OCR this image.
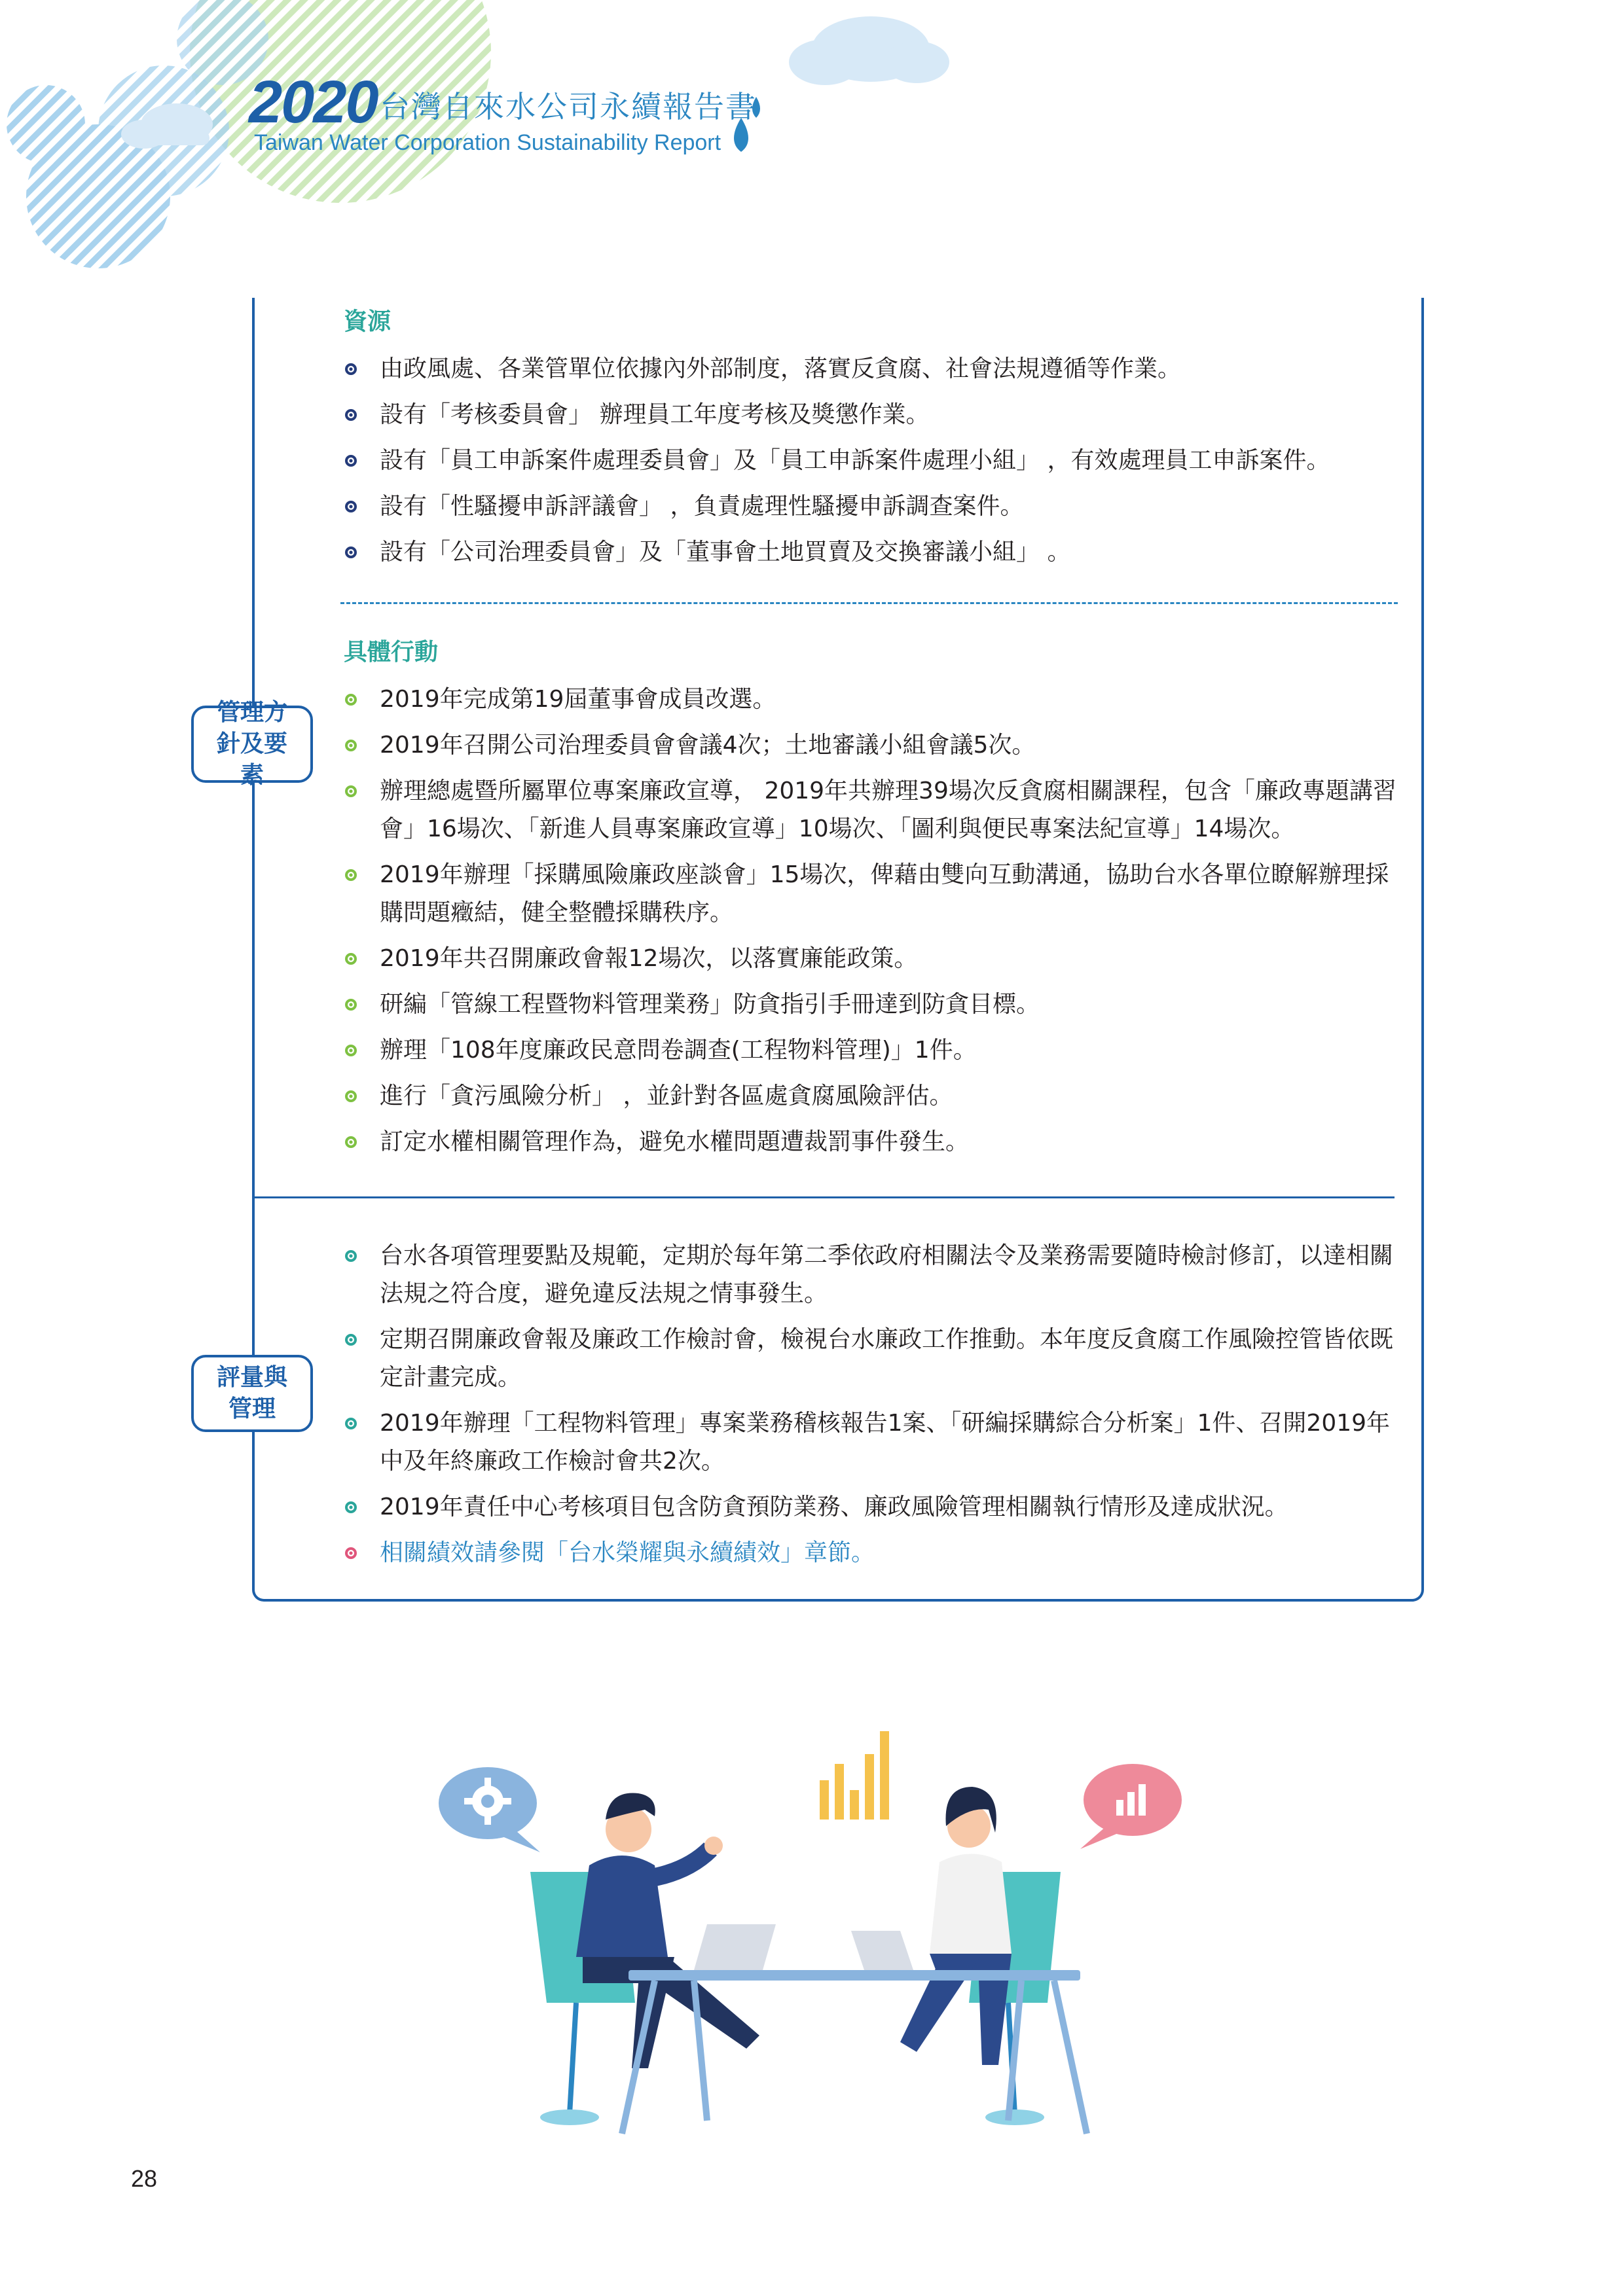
2020 台灣自來水公司永續報告書
Taiwan Water Corporation Sustainability Report
資源
由政風處、各業管單位依據內外部制度，落實反貪腐、社會法規遵循等作業。
設有「考核委員會」 辦理員工年度考核及獎懲作業。
設有「員工申訴案件處理委員會」及「員工申訴案件處理小組」 ，有效處理員工申訴案件。
設有「性騷擾申訴評議會」 ，負責處理性騷擾申訴調查案件。
設有「公司治理委員會」及「董事會土地買賣及交換審議小組」 。
具體行動
2019年完成第19屆董事會成員改選。
2019年召開公司治理委員會會議4次；土地審議小組會議5次。
辦理總處暨所屬單位專案廉政宣導， 2019年共辦理39場次反貪腐相關課程，包含「廉政專題講習會」16場次、「新進人員專案廉政宣導」10場次、「圖利與便民專案法紀宣導」14場次。
2019年辦理「採購風險廉政座談會」15場次，俾藉由雙向互動溝通，協助台水各單位瞭解辦理採購問題癥結，健全整體採購秩序。
2019年共召開廉政會報12場次，以落實廉能政策。
研編「管線工程暨物料管理業務」防貪指引手冊達到防貪目標。
辦理「108年度廉政民意問卷調查(工程物料管理)」1件。
進行「貪污風險分析」 ，並針對各區處貪腐風險評估。
訂定水權相關管理作為，避免水權問題遭裁罰事件發生。
管理方針及要素
台水各項管理要點及規範，定期於每年第二季依政府相關法令及業務需要隨時檢討修訂，以達相關法規之符合度，避免違反法規之情事發生。
定期召開廉政會報及廉政工作檢討會，檢視台水廉政工作推動。本年度反貪腐工作風險控管皆依既定計畫完成。
2019年辦理「工程物料管理」專案業務稽核報告1案、「研編採購綜合分析案」1件、召開2019年中及年終廉政工作檢討會共2次。
2019年責任中心考核項目包含防貪預防業務、廉政風險管理相關執行情形及達成狀況。
相關績效請參閱「台水榮耀與永續績效」章節。
評量與管理
28
